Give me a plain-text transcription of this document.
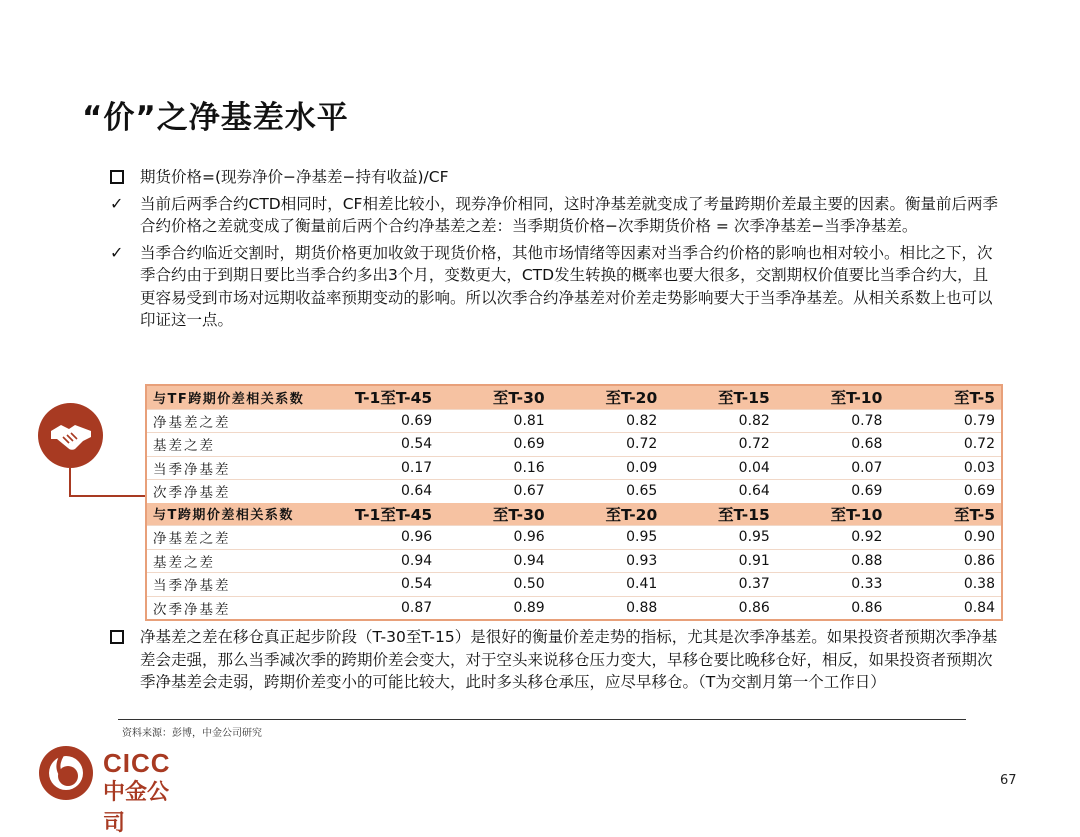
“价”之净基差水平

期货价格=(现券净价−净基差−持有收益)/CF

✓	当前后两季合约CTD相同时，CF相差比较小，现券净价相同，这时净基差就变成了考量跨期价差最主要的因素。衡量前后两季合约价格之差就变成了衡量前后两个合约净基差之差：当季期货价格−次季期货价格 = 次季净基差−当季净基差。

✓	当季合约临近交割时，期货价格更加收敛于现货价格，其他市场情绪等因素对当季合约价格的影响也相对较小。相比之下，次季合约由于到期日要比当季合约多出3个月，变数更大，CTD发生转换的概率也要大很多，交割期权价值要比当季合约大，且更容易受到市场对远期收益率预期变动的影响。所以次季合约净基差对价差走势影响要大于当季净基差。从相关系数上也可以印证这一点。

与TF跨期价差相关系数	T-1至T-45	至T-30	至T-20	至T-15	至T-10	至T-5
净基差之差	0.69	0.81	0.82	0.82	0.78	0.79
基差之差	0.54	0.69	0.72	0.72	0.68	0.72
当季净基差	0.17	0.16	0.09	0.04	0.07	0.03
次季净基差	0.64	0.67	0.65	0.64	0.69	0.69
与T跨期价差相关系数	T-1至T-45	至T-30	至T-20	至T-15	至T-10	至T-5
净基差之差	0.96	0.96	0.95	0.95	0.92	0.90
基差之差	0.94	0.94	0.93	0.91	0.88	0.86
当季净基差	0.54	0.50	0.41	0.37	0.33	0.38
次季净基差	0.87	0.89	0.88	0.86	0.86	0.84

净基差之差在移仓真正起步阶段（T-30至T-15）是很好的衡量价差走势的指标，尤其是次季净基差。如果投资者预期次季净基差会走强，那么当季减次季的跨期价差会变大，对于空头来说移仓压力变大，早移仓要比晚移仓好，相反，如果投资者预期次季净基差会走弱，跨期价差变小的可能比较大，此时多头移仓承压，应尽早移仓。（T为交割月第一个工作日）

资料来源：彭博，中金公司研究
CICC
中金公司
67
